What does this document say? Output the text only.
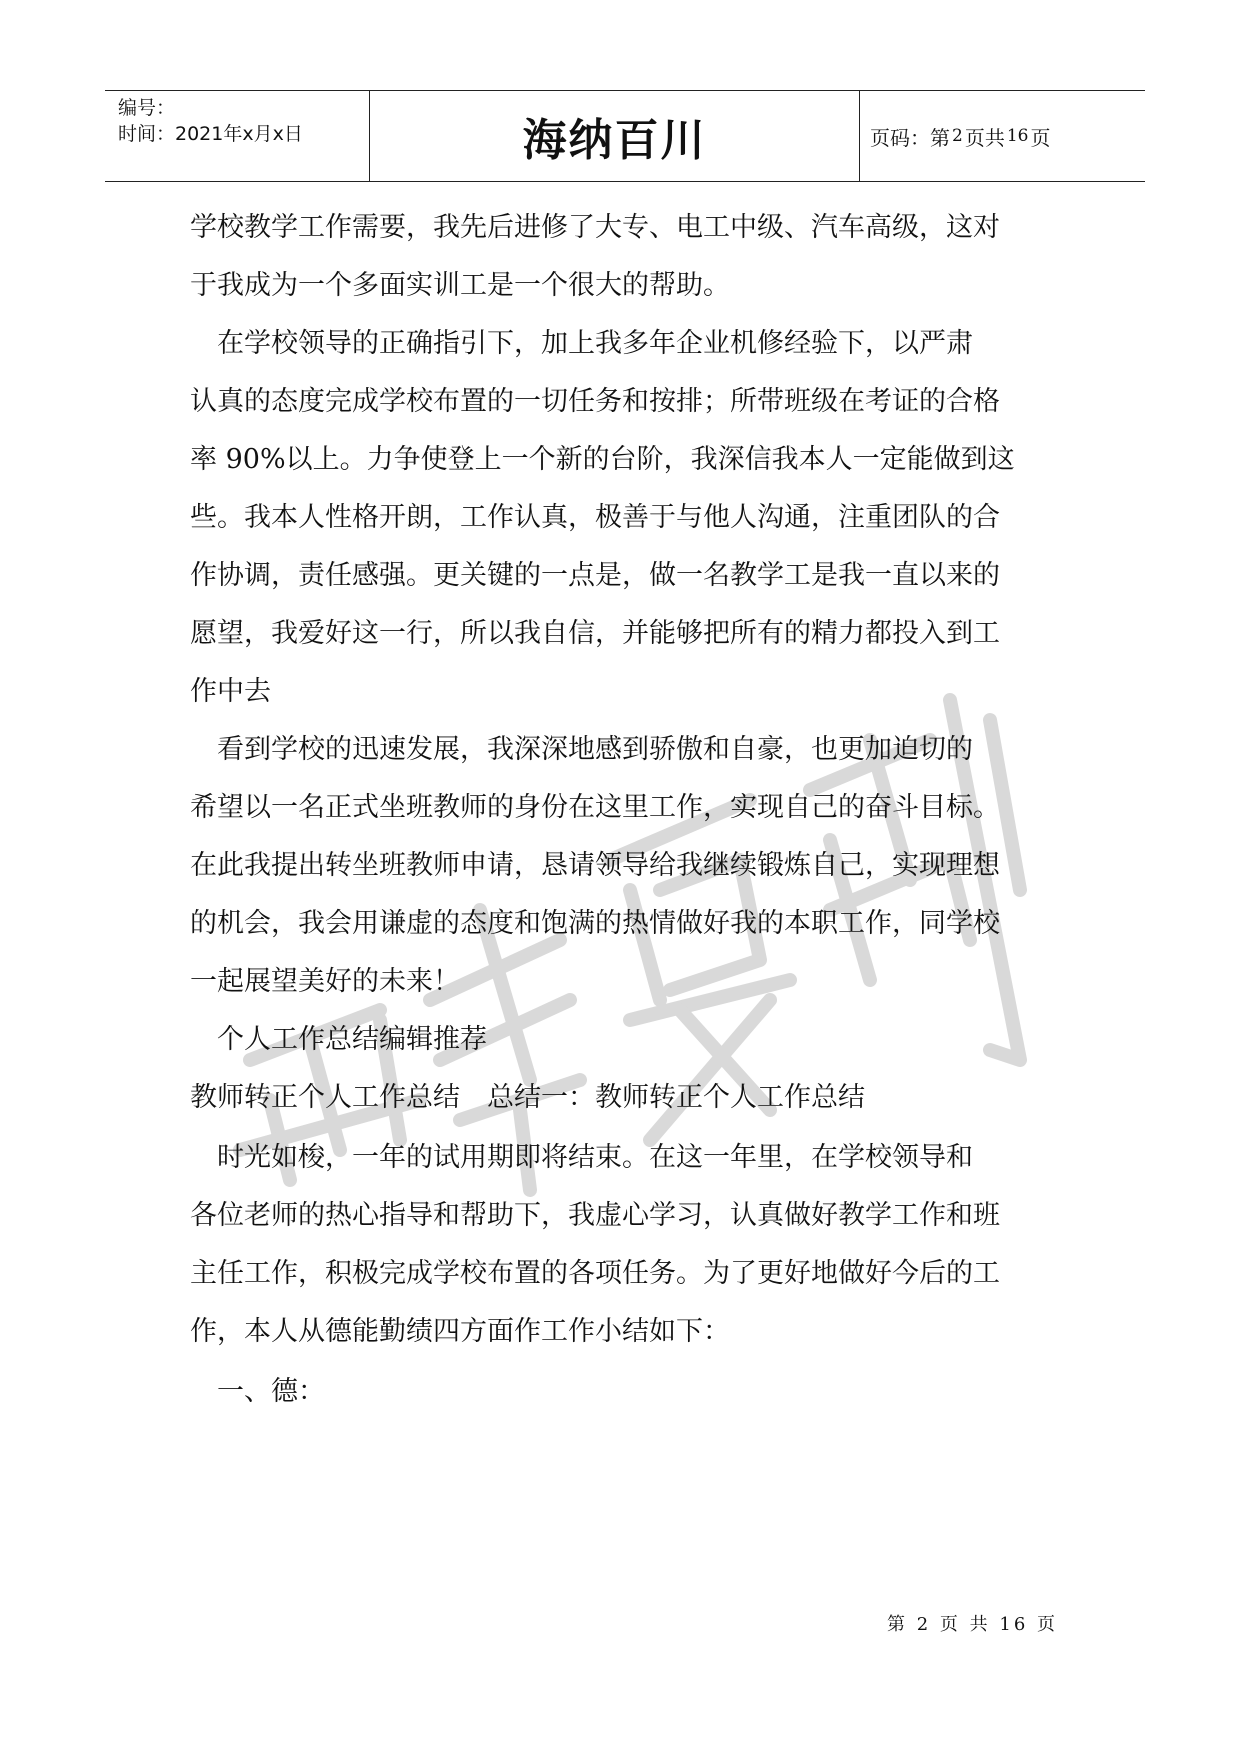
编号：
时间：2021年x月x日	海纳百川	页码：第 2 页共 16 页
学校教学工作需要，我先后进修了大专、电工中级、汽车高级，这对
于我成为一个多面实训工是一个很大的帮助。
　在学校领导的正确指引下，加上我多年企业机修经验下，以严肃
认真的态度完成学校布置的一切任务和按排；所带班级在考证的合格
率 90%以上。力争使登上一个新的台阶，我深信我本人一定能做到这
些。我本人性格开朗，工作认真，极善于与他人沟通，注重团队的合
作协调，责任感强。更关键的一点是，做一名教学工是我一直以来的
愿望，我爱好这一行，所以我自信，并能够把所有的精力都投入到工
作中去
　看到学校的迅速发展，我深深地感到骄傲和自豪，也更加迫切的
希望以一名正式坐班教师的身份在这里工作，实现自己的奋斗目标。
在此我提出转坐班教师申请，恳请领导给我继续锻炼自己，实现理想
的机会，我会用谦虚的态度和饱满的热情做好我的本职工作，同学校
一起展望美好的未来！
　个人工作总结编辑推荐
教师转正个人工作总结　总结一：教师转正个人工作总结
　时光如梭，一年的试用期即将结束。在这一年里，在学校领导和
各位老师的热心指导和帮助下，我虚心学习，认真做好教学工作和班
主任工作，积极完成学校布置的各项任务。为了更好地做好今后的工
作，本人从德能勤绩四方面作工作小结如下：
　一、德：
第 2 页 共 16 页
